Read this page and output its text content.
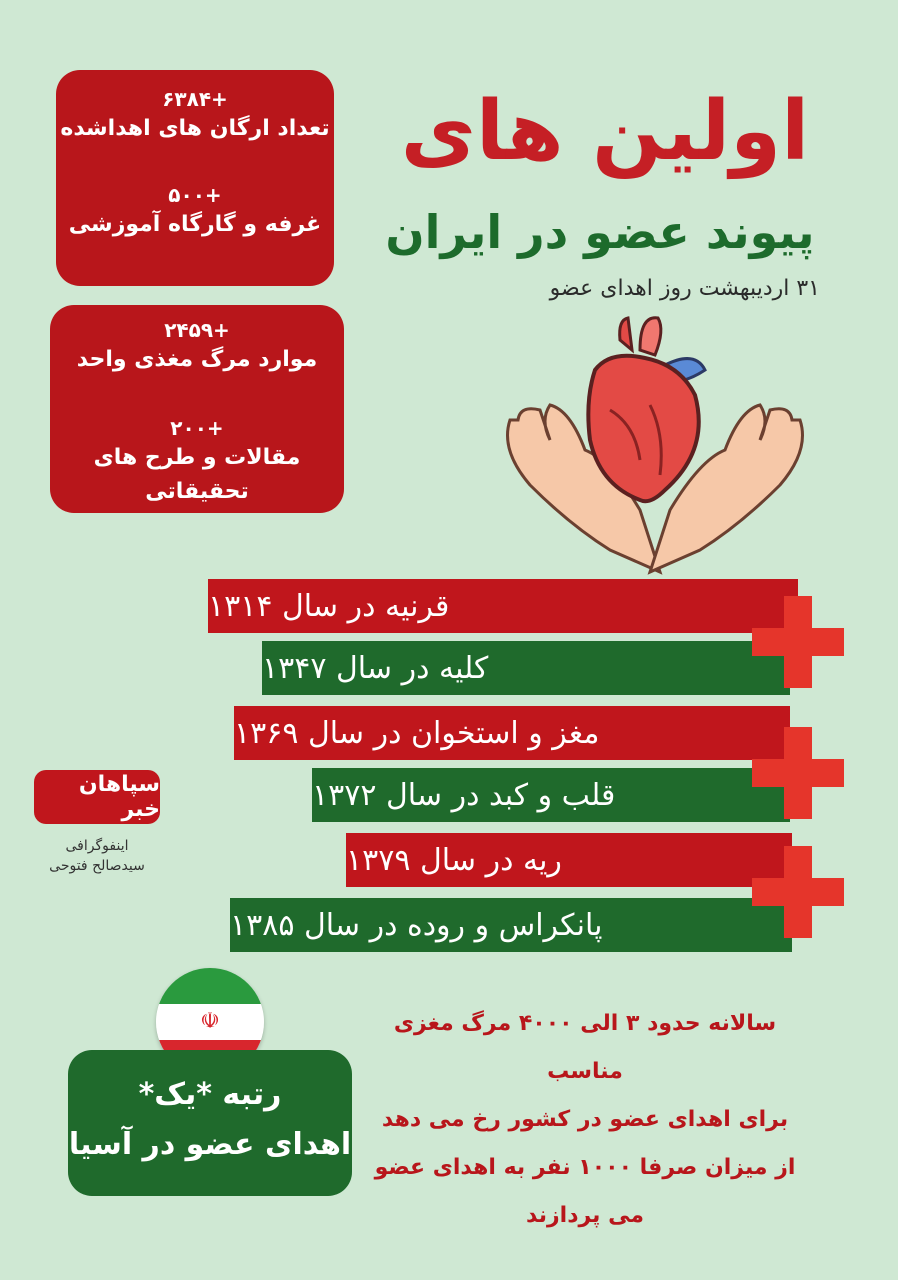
اولین های
پیوند عضو در ایران
۳۱ اردیبهشت روز اهدای عضو
+۶۳۸۴
تعداد ارگان های اهداشده
+۵۰۰
غرفه و گارگاه آموزشی
+۲۴۵۹
موارد مرگ مغذی واحد
+۲۰۰
مقالات و طرح های تحقیقاتی
قرنیه در سال ۱۳۱۴
کلیه در سال ۱۳۴۷
مغز و استخوان در سال ۱۳۶۹
قلب و کبد در سال ۱۳۷۲
ریه در سال ۱۳۷۹
پانکراس و روده در سال ۱۳۸۵
سپاهان خبر
اینفوگرافی
سیدصالح فتوحی
☫
رتبه *یک*
اهدای عضو در آسیا
سالانه حدود ۳ الی ۴۰۰۰ مرگ مغزی مناسب
برای اهدای عضو در کشور رخ می دهد
از میزان صرفا ۱۰۰۰ نفر به اهدای عضو
می پردازند
